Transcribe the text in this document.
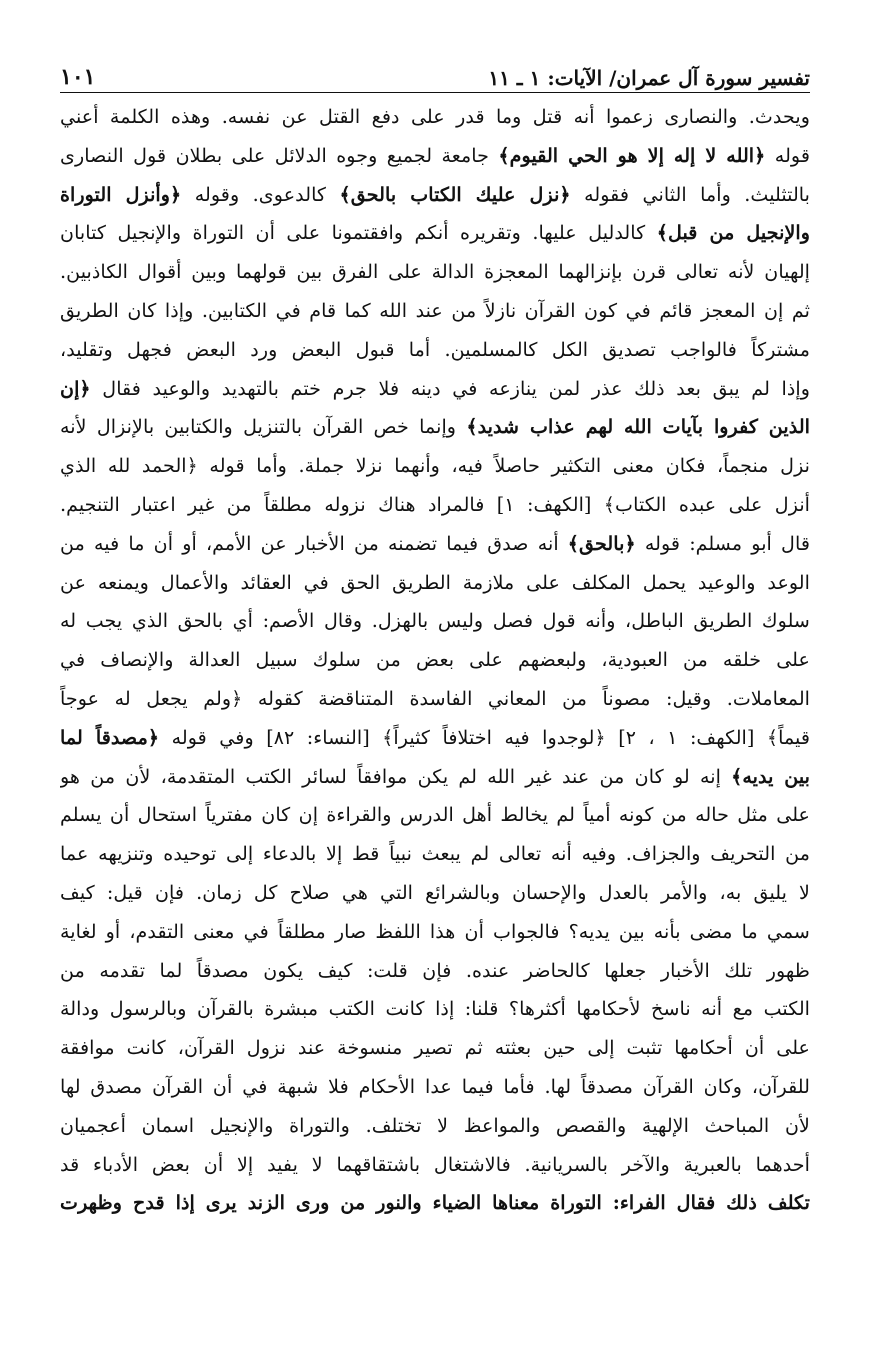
تفسير سورة آل عمران/ الآيات: ١ ـ ١١
١٠١
ويحدث. والنصارى زعموا أنه قتل وما قدر على دفع القتل عن نفسه. وهذه الكلمة أعني
قوله ﴿الله لا إله إلا هو الحي القيوم﴾ جامعة لجميع وجوه الدلائل على بطلان قول النصارى
بالتثليث. وأما الثاني فقوله ﴿نزل عليك الكتاب بالحق﴾ كالدعوى. وقوله ﴿وأنزل التوراة
والإنجيل من قبل﴾ كالدليل عليها. وتقريره أنكم وافقتمونا على أن التوراة والإنجيل كتابان
إلهيان لأنه تعالى قرن بإنزالهما المعجزة الدالة على الفرق بين قولهما وبين أقوال الكاذبين.
ثم إن المعجز قائم في كون القرآن نازلاً من عند الله كما قام في الكتابين. وإذا كان الطريق
مشتركاً فالواجب تصديق الكل كالمسلمين. أما قبول البعض ورد البعض فجهل وتقليد،
وإذا لم يبق بعد ذلك عذر لمن ينازعه في دينه فلا جرم ختم بالتهديد والوعيد فقال ﴿إن
الذين كفروا بآيات الله لهم عذاب شديد﴾ وإنما خص القرآن بالتنزيل والكتابين بالإنزال لأنه
نزل منجماً، فكان معنى التكثير حاصلاً فيه، وأنهما نزلا جملة. وأما قوله ﴿الحمد لله الذي
أنزل على عبده الكتاب﴾ [الكهف: ١] فالمراد هناك نزوله مطلقاً من غير اعتبار التنجيم.
قال أبو مسلم: قوله ﴿بالحق﴾ أنه صدق فيما تضمنه من الأخبار عن الأمم، أو أن ما فيه من
الوعد والوعيد يحمل المكلف على ملازمة الطريق الحق في العقائد والأعمال ويمنعه عن
سلوك الطريق الباطل، وأنه قول فصل وليس بالهزل. وقال الأصم: أي بالحق الذي يجب له
على خلقه من العبودية، ولبعضهم على بعض من سلوك سبيل العدالة والإنصاف في
المعاملات. وقيل: مصوناً من المعاني الفاسدة المتناقضة كقوله ﴿ولم يجعل له عوجاً
قيماً﴾ [الكهف: ١ ، ٢] ﴿لوجدوا فيه اختلافاً كثيراً﴾ [النساء: ٨٢] وفي قوله ﴿مصدقاً لما
بين يديه﴾ إنه لو كان من عند غير الله لم يكن موافقاً لسائر الكتب المتقدمة، لأن من هو
على مثل حاله من كونه أمياً لم يخالط أهل الدرس والقراءة إن كان مفترياً استحال أن يسلم
من التحريف والجزاف. وفيه أنه تعالى لم يبعث نبياً قط إلا بالدعاء إلى توحيده وتنزيهه عما
لا يليق به، والأمر بالعدل والإحسان وبالشرائع التي هي صلاح كل زمان. فإن قيل: كيف
سمي ما مضى بأنه بين يديه؟ فالجواب أن هذا اللفظ صار مطلقاً في معنى التقدم، أو لغاية
ظهور تلك الأخبار جعلها كالحاضر عنده. فإن قلت: كيف يكون مصدقاً لما تقدمه من
الكتب مع أنه ناسخ لأحكامها أكثرها؟ قلنا: إذا كانت الكتب مبشرة بالقرآن وبالرسول ودالة
على أن أحكامها تثبت إلى حين بعثته ثم تصير منسوخة عند نزول القرآن، كانت موافقة
للقرآن، وكان القرآن مصدقاً لها. فأما فيما عدا الأحكام فلا شبهة في أن القرآن مصدق لها
لأن المباحث الإلهية والقصص والمواعظ لا تختلف. والتوراة والإنجيل اسمان أعجميان
أحدهما بالعبرية والآخر بالسريانية. فالاشتغال باشتقاقهما لا يفيد إلا أن بعض الأدباء قد
تكلف ذلك فقال الفراء: التوراة معناها الضياء والنور من ورى الزند يرى إذا قدح وظهرت
